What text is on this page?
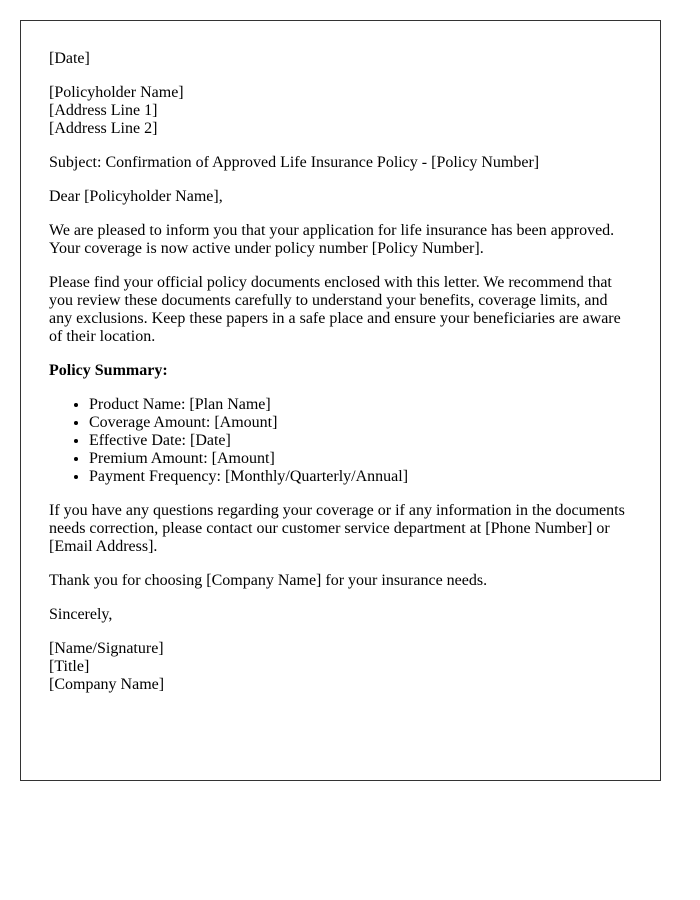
[Date]

[Policyholder Name]
[Address Line 1]
[Address Line 2]

Subject: Confirmation of Approved Life Insurance Policy - [Policy Number]

Dear [Policyholder Name],

We are pleased to inform you that your application for life insurance has been approved. Your coverage is now active under policy number [Policy Number].

Please find your official policy documents enclosed with this letter. We recommend that you review these documents carefully to understand your benefits, coverage limits, and any exclusions. Keep these papers in a safe place and ensure your beneficiaries are aware of their location.

Policy Summary:

• Product Name: [Plan Name]
• Coverage Amount: [Amount]
• Effective Date: [Date]
• Premium Amount: [Amount]
• Payment Frequency: [Monthly/Quarterly/Annual]

If you have any questions regarding your coverage or if any information in the documents needs correction, please contact our customer service department at [Phone Number] or [Email Address].

Thank you for choosing [Company Name] for your insurance needs.

Sincerely,

[Name/Signature]
[Title]
[Company Name]
